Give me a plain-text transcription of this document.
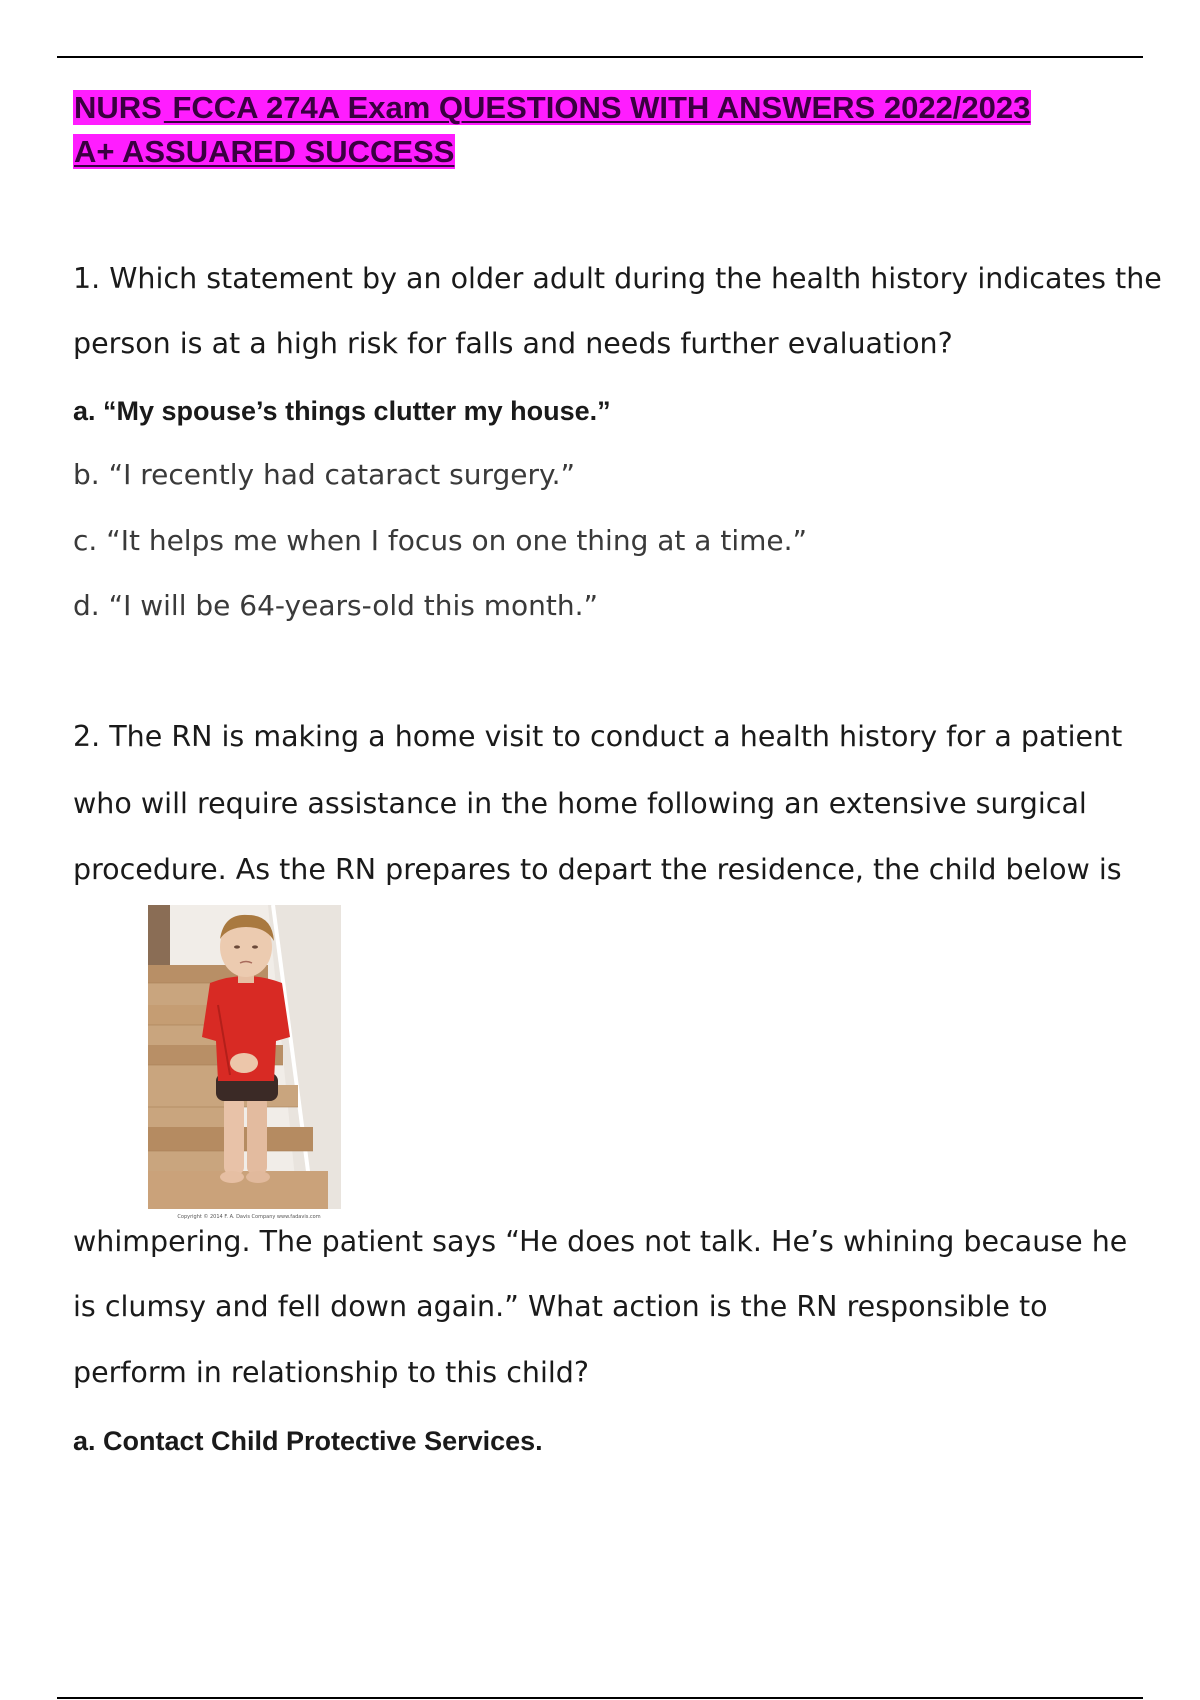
NURS FCCA 274A Exam QUESTIONS WITH ANSWERS 2022/2023
A+ ASSUARED SUCCESS
1. Which statement by an older adult during the health history indicates the
person is at a high risk for falls and needs further evaluation?
a. “My spouse’s things clutter my house.”
b. “I recently had cataract surgery.”
c. “It helps me when I focus on one thing at a time.”
d. “I will be 64-years-old this month.”
2. The RN is making a home visit to conduct a health history for a patient
who will require assistance in the home following an extensive surgical
procedure. As the RN prepares to depart the residence, the child below is
Copyright © 2014 F. A. Davis Company www.fadavis.com
whimpering. The patient says “He does not talk. He’s whining because he
is clumsy and fell down again.” What action is the RN responsible to
perform in relationship to this child?
a. Contact Child Protective Services.
